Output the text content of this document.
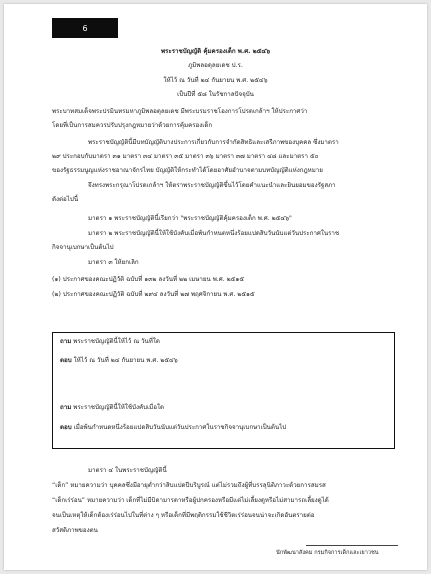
6
พระราชบัญญัติ คุ้มครองเด็ก พ.ศ. ๒๕๔๖
ภูมิพลอดุลยเดช ป.ร.
ให้ไว้ ณ วันที่ ๒๔ กันยายน พ.ศ. ๒๕๔๖
เป็นปีที่ ๕๘ ในรัชกาลปัจจุบัน
พระบาทสมเด็จพระปรมินทรมหาภูมิพลอดุลยเดช มีพระบรมราชโองการโปรดเกล้าฯ ให้ประกาศว่า
โดยที่เป็นการสมควรปรับปรุงกฎหมายว่าด้วยการคุ้มครองเด็ก
พระราชบัญญัตินี้มีบทบัญญัติบางประการเกี่ยวกับการจำกัดสิทธิและเสรีภาพของบุคคล ซึ่งมาตรา
๒๙ ประกอบกับมาตรา ๓๑ มาตรา ๓๔ มาตรา ๓๕ มาตรา ๓๖ มาตรา ๓๗ มาตรา ๔๘ และมาตรา ๕๐
ของรัฐธรรมนูญแห่งราชอาณาจักรไทย บัญญัติให้กระทำได้โดยอาศัยอำนาจตามบทบัญญัติแห่งกฎหมาย
จึงทรงพระกรุณาโปรดเกล้าฯ ให้ตราพระราชบัญญัติขึ้นไว้โดยคำแนะนำและยินยอมของรัฐสภา
ดังต่อไปนี้
มาตรา ๑ พระราชบัญญัตินี้เรียกว่า "พระราชบัญญัติคุ้มครองเด็ก พ.ศ. ๒๕๔๖"
มาตรา ๒ พระราชบัญญัตินี้ให้ใช้บังคับเมื่อพ้นกำหนดหนึ่งร้อยแปดสิบวันนับแต่วันประกาศในราช
กิจจานุเบกษาเป็นต้นไป
มาตรา ๓ ให้ยกเลิก
(๑) ประกาศของคณะปฏิวัติ ฉบับที่ ๑๓๒ ลงวันที่ ๒๒ เมษายน พ.ศ. ๒๕๑๕
(๒) ประกาศของคณะปฏิวัติ ฉบับที่ ๒๙๔ ลงวันที่ ๒๗ พฤศจิกายน พ.ศ. ๒๕๑๕
ถาม พระราชบัญญัตินี้ให้ไว้ ณ วันที่ใด
ตอบ ให้ไว้ ณ วันที่ ๒๔ กันยายน พ.ศ. ๒๕๔๖
ถาม พระราชบัญญัตินี้ให้ใช้บังคับเมื่อใด
ตอบ เมื่อพ้นกำหนดหนึ่งร้อยแปดสิบวันนับแต่วันประกาศในราชกิจจานุเบกษาเป็นต้นไป
มาตรา ๔ ในพระราชบัญญัตินี้
“เด็ก” หมายความว่า บุคคลซึ่งมีอายุต่ำกว่าสิบแปดปีบริบูรณ์ แต่ไม่รวมถึงผู้ที่บรรลุนิติภาวะด้วยการสมรส
“เด็กเร่ร่อน” หมายความว่า เด็กที่ไม่มีบิดามารดาหรือผู้ปกครองหรือมีแต่ไม่เลี้ยงดูหรือไม่สามารถเลี้ยงดูได้
จนเป็นเหตุให้เด็กต้องเร่ร่อนไปในที่ต่าง ๆ หรือเด็กที่มีพฤติกรรมใช้ชีวิตเร่ร่อนจนน่าจะเกิดอันตรายต่อ
สวัสดิภาพของตน
นักพัฒนาสังคม กรมกิจการเด็กและเยาวชน
